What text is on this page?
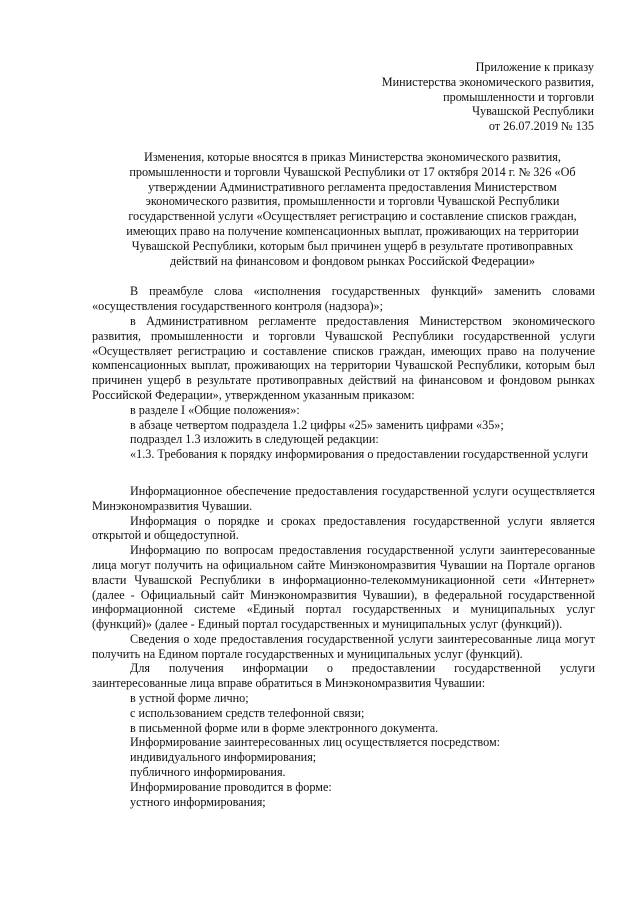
Приложение к приказу
Министерства экономического развития,
промышленности и торговли
Чувашской Республики
от 26.07.2019 № 135
Изменения, которые вносятся в приказ Министерства экономического развития, промышленности и торговли Чувашской Республики от 17 октября 2014 г. № 326 «Об утверждении Административного регламента предоставления Министерством экономического развития, промышленности и торговли Чувашской Республики государственной услуги «Осуществляет регистрацию и составление списков граждан, имеющих право на получение компенсационных выплат, проживающих на территории Чувашской Республики, которым был причинен ущерб в результате противоправных действий на финансовом и фондовом рынках Российской Федерации»

В преамбуле слова «исполнения государственных функций» заменить словами «осуществления государственного контроля (надзора)»;

в Административном регламенте предоставления Министерством экономического развития, промышленности и торговли Чувашской Республики государственной услуги «Осуществляет регистрацию и составление списков граждан, имеющих право на получение компенсационных выплат, проживающих на территории Чувашской Республики, которым был причинен ущерб в результате противоправных действий на финансовом и фондовом рынках Российской Федерации», утвержденном указанным приказом:

в разделе I «Общие положения»:

в абзаце четвертом подраздела 1.2 цифры «25» заменить цифрами «35»;

подраздел 1.3 изложить в следующей редакции:

«1.3. Требования к порядку информирования о предоставлении государственной услуги

Информационное обеспечение предоставления государственной услуги осуществляется Минэкономразвития Чувашии.

Информация о порядке и сроках предоставления государственной услуги является открытой и общедоступной.

Информацию по вопросам предоставления государственной услуги заинтересованные лица могут получить на официальном сайте Минэкономразвития Чувашии на Портале органов власти Чувашской Республики в информационно-телекоммуникационной сети «Интернет» (далее - Официальный сайт Минэкономразвития Чувашии), в федеральной государственной информационной системе «Единый портал государственных и муниципальных услуг (функций)» (далее - Единый портал государственных и муниципальных услуг (функций)).

Сведения о ходе предоставления государственной услуги заинтересованные лица могут получить на Едином портале государственных и муниципальных услуг (функций).

Для получения информации о предоставлении государственной услуги заинтересованные лица вправе обратиться в Минэкономразвития Чувашии:

в устной форме лично;

с использованием средств телефонной связи;

в письменной форме или в форме электронного документа.

Информирование заинтересованных лиц осуществляется посредством:

индивидуального информирования;

публичного информирования.

Информирование проводится в форме:

устного информирования;
